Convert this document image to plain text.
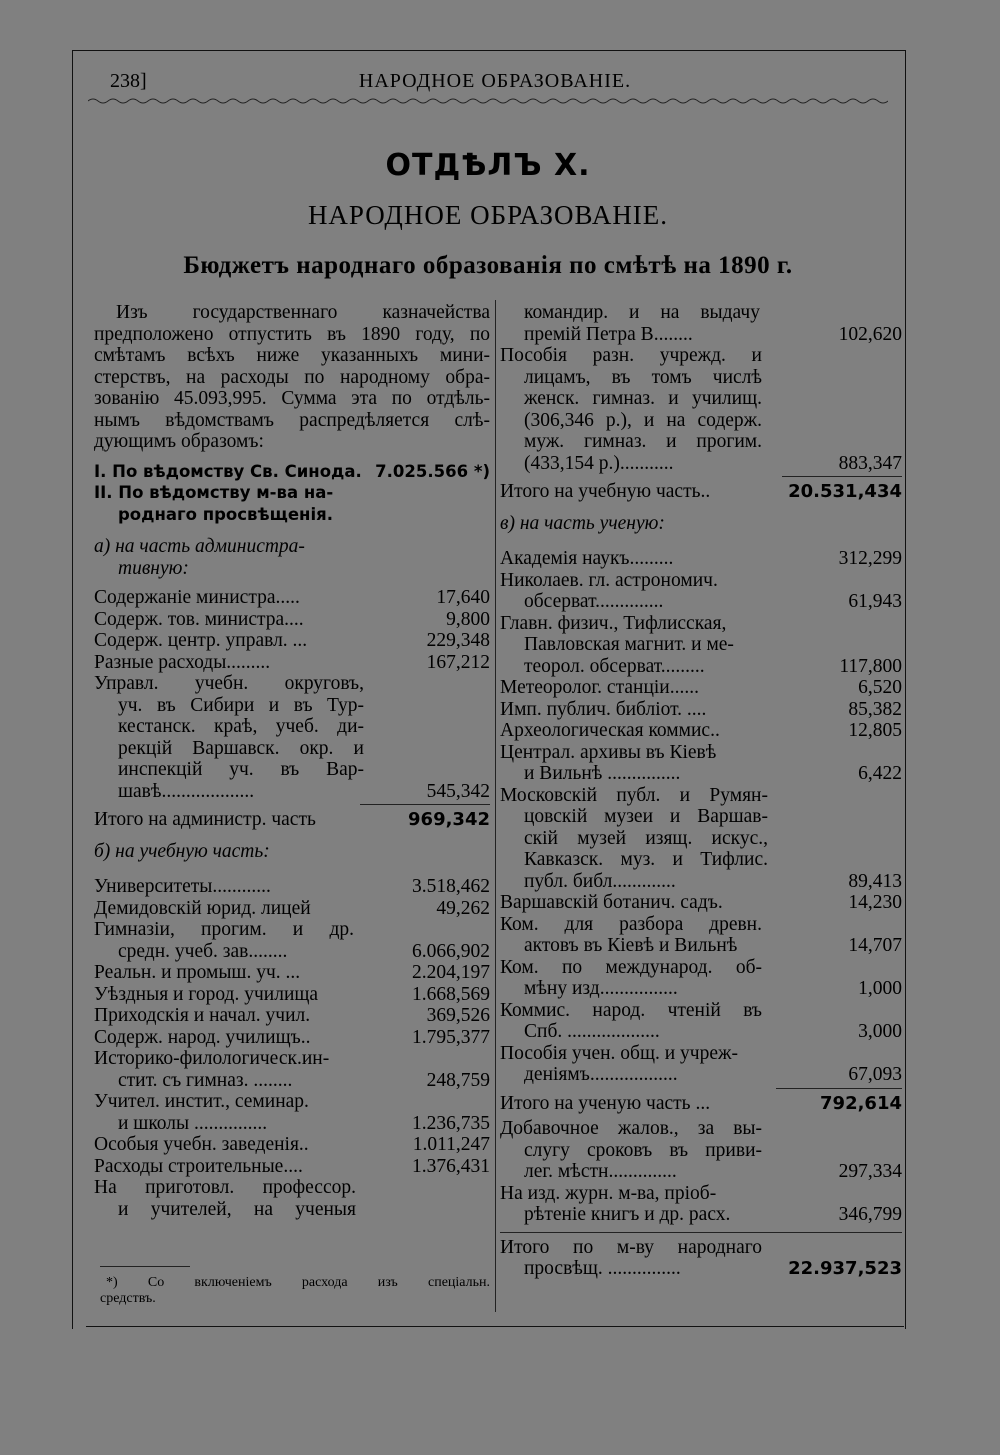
238]	НАРОДНОЕ ОБРАЗОВАНІЕ.
ОТДѢЛЪ X.
НАРОДНОЕ ОБРАЗОВАНІЕ.
Бюджетъ народнаго образованія по смѣтѣ на 1890 г.
Изъ государственнаго казначейства
предположено отпустить въ 1890 году, по
смѣтамъ всѣхъ ниже указанныхъ мини-
стерствъ, на расходы по народному обра-
зованію 45.093,995. Сумма эта по отдѣль-
нымъ вѣдомствамъ распредѣляется слѣ-
дующимъ образомъ:
I. По вѣдомству Св. Синода. 7.025.566 *)
II. По вѣдомству м-ва на-
роднаго просвѣщенія.
а) на часть администра-
тивную:
Содержаніе министра.....	17,640
Содерж. тов. министра....	9,800
Содерж. центр. управл. ...	229,348
Разные расходы.........	167,212
Управл. учебн. округовъ,
уч. въ Сибири и въ Тур-
кестанск. краѣ, учеб. ди-
рекцій Варшавск. окр. и
инспекцій уч. въ Вар-
шавѣ...................	545,342
Итого на администр. часть	969,342
б) на учебную часть:
Университеты............	3.518,462
Демидовскій юрид. лицей	49,262
Гимназіи, прогим. и др.
средн. учеб. зав........	6.066,902
Реальн. и промыш. уч. ...	2.204,197
Уѣздныя и город. училища	1.668,569
Приходскія и начал. учил.	369,526
Содерж. народ. училищъ..	1.795,377
Историко-филологическ.ин-
стит. съ гимназ. ........	248,759
Учител. инстит., семинар.
и школы ...............	1.236,735
Особыя учебн. заведенія..	1.011,247
Расходы строительные....	1.376,431
На приготовл. профессор.
и учителей, на ученыя
*) Со включеніемъ расхода изъ спеціальн.
средствъ.
командир. и на выдачу
премій Петра В........	102,620
Пособія разн. учрежд. и
лицамъ, въ томъ числѣ
женск. гимназ. и училищ.
(306,346 р.), и на содерж.
муж. гимназ. и прогим.
(433,154 р.)...........	883,347
Итого на учебную часть..	20.531,434
в) на часть ученую:
Академія наукъ.........	312,299
Николаев. гл. астрономич.
обсерват..............	61,943
Главн. физич., Тифлисская,
Павловская магнит. и ме-
теорол. обсерват.........	117,800
Метеоролог. станціи......	6,520
Имп. публич. библіот. ....	85,382
Археологическая коммис..	12,805
Централ. архивы въ Кіевѣ
и Вильнѣ ...............	6,422
Московскій публ. и Румян-
цовскій музеи и Варшав-
скій музей изящ. искус.,
Кавказск. муз. и Тифлис.
публ. библ.............	89,413
Варшавскій ботанич. садъ.	14,230
Ком. для разбора древн.
актовъ въ Кіевѣ и Вильнѣ	14,707
Ком. по международ. об-
мѣну изд................	1,000
Коммис. народ. чтеній въ
Спб. ...................	3,000
Пособія учен. общ. и учреж-
деніямъ..................	67,093
Итого на ученую часть ...	792,614
Добавочное жалов., за вы-
слугу сроковъ въ приви-
лег. мѣстн..............	297,334
На изд. журн. м-ва, пріоб-
рѣтеніе книгъ и др. расх.	346,799
Итого по м-ву народнаго
просвѣщ. ...............	22.937,523
